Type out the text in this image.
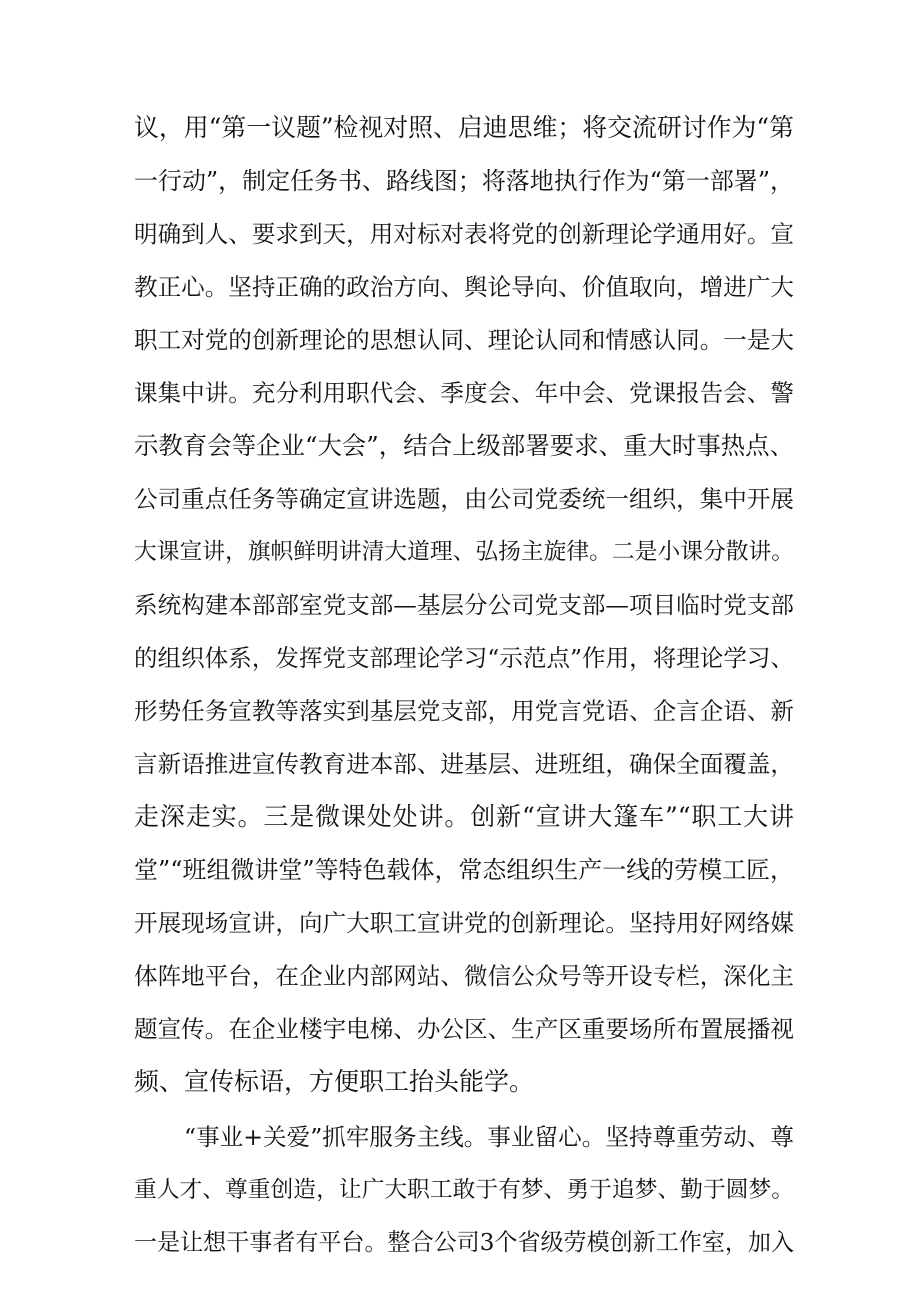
议，用“第一议题”检视对照、启迪思维；将交流研讨作为“第
一行动”，制定任务书、路线图；将落地执行作为“第一部署”，
明确到人、要求到天，用对标对表将党的创新理论学通用好。宣
教正心。坚持正确的政治方向、舆论导向、价值取向，增进广大
职工对党的创新理论的思想认同、理论认同和情感认同。一是大
课集中讲。充分利用职代会、季度会、年中会、党课报告会、警
示教育会等企业“大会”，结合上级部署要求、重大时事热点、
公司重点任务等确定宣讲选题，由公司党委统一组织，集中开展
大课宣讲，旗帜鲜明讲清大道理、弘扬主旋律。二是小课分散讲。
系统构建本部部室党支部—基层分公司党支部—项目临时党支部
的组织体系，发挥党支部理论学习“示范点”作用，将理论学习、
形势任务宣教等落实到基层党支部，用党言党语、企言企语、新
言新语推进宣传教育进本部、进基层、进班组，确保全面覆盖，
走深走实。三是微课处处讲。创新“宣讲大篷车”“职工大讲
堂”“班组微讲堂”等特色载体，常态组织生产一线的劳模工匠，
开展现场宣讲，向广大职工宣讲党的创新理论。坚持用好网络媒
体阵地平台，在企业内部网站、微信公众号等开设专栏，深化主
题宣传。在企业楼宇电梯、办公区、生产区重要场所布置展播视
频、宣传标语，方便职工抬头能学。
“事业+关爱”抓牢服务主线。事业留心。坚持尊重劳动、尊
重人才、尊重创造，让广大职工敢于有梦、勇于追梦、勤于圆梦。
一是让想干事者有平台。整合公司3个省级劳模创新工作室，加入
